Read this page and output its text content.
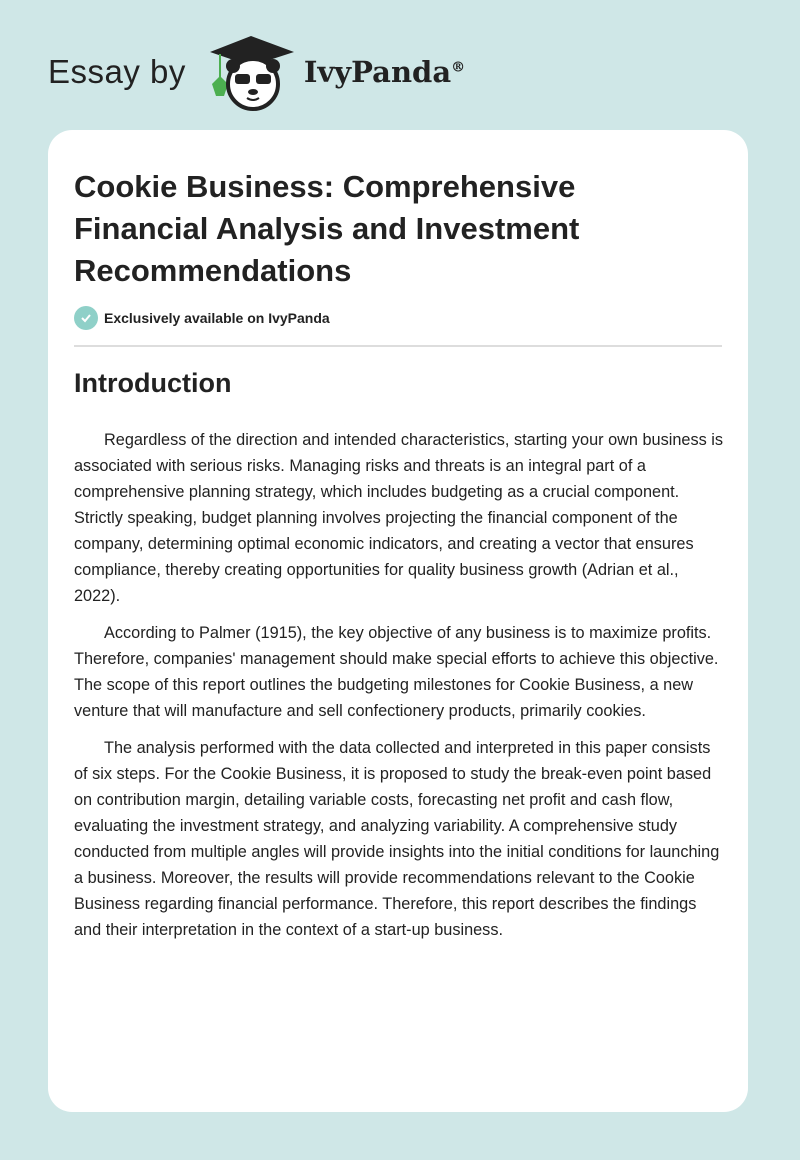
Essay by	IvyPanda®
Cookie Business: Comprehensive Financial Analysis and Investment Recommendations
Exclusively available on IvyPanda
Introduction

Regardless of the direction and intended characteristics, starting your own business is associated with serious risks. Managing risks and threats is an integral part of a comprehensive planning strategy, which includes budgeting as a crucial component. Strictly speaking, budget planning involves projecting the financial component of the company, determining optimal economic indicators, and creating a vector that ensures compliance, thereby creating opportunities for quality business growth (Adrian et al., 2022).

According to Palmer (1915), the key objective of any business is to maximize profits. Therefore, companies' management should make special efforts to achieve this objective. The scope of this report outlines the budgeting milestones for Cookie Business, a new venture that will manufacture and sell confectionery products, primarily cookies.

The analysis performed with the data collected and interpreted in this paper consists of six steps. For the Cookie Business, it is proposed to study the break-even point based on contribution margin, detailing variable costs, forecasting net profit and cash flow, evaluating the investment strategy, and analyzing variability. A comprehensive study conducted from multiple angles will provide insights into the initial conditions for launching a business. Moreover, the results will provide recommendations relevant to the Cookie Business regarding financial performance. Therefore, this report describes the findings and their interpretation in the context of a start-up business.
